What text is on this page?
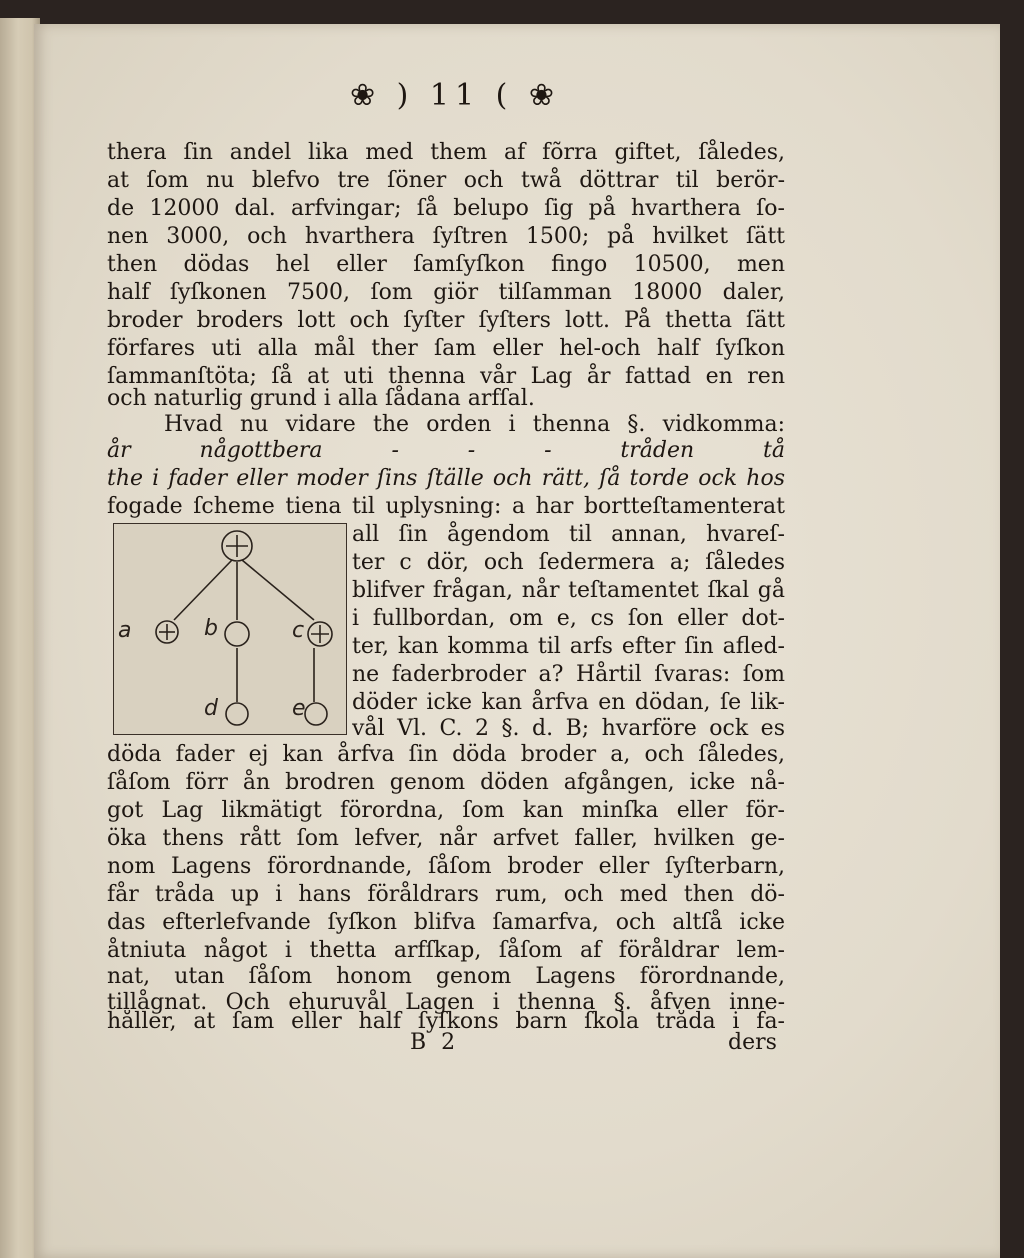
❀ ) 11 ( ❀
thera ſin andel lika med them af fõrra giftet, ſåledes,
at ſom nu blefvo tre ſöner och twå döttrar til berör-
de 12000 dal. arfvingar; ſå belupo ſig på hvarthera ſo-
nen 3000, och hvarthera ſyſtren 1500; på hvilket ſätt
then dödas hel eller ſamſyſkon fingo 10500, men
half ſyſkonen 7500, ſom giör tilſamman 18000 daler,
broder broders lott och ſyſter ſyſters lott. På thetta ſätt
förfares uti alla mål ther ſam eller hel-och half ſyſkon
ſammanſtöta; ſå at uti thenna vår Lag år fattad en ren
och naturlig grund i alla ſådana arfſal.
Hvad nu vidare the orden i thenna §. vidkomma:
år någottbera - - - tråden tå
the i fader eller moder ſins ſtälle och rätt, ſå torde ock hos
fogade ſcheme tiena til uplysning: a har bortteſtamenterat
a	b	c
d	e
all ſin ågendom til annan, hvareſ-
ter c dör, och ſedermera a; ſåledes
blifver frågan, når teſtamentet ſkal gå
i fullbordan, om e, cs ſon eller dot-
ter, kan komma til arfs efter ſin afled-
ne faderbroder a? Hårtil ſvaras: ſom
döder icke kan årfva en dödan, ſe lik-
vål Vl. C. 2 §. d. B; hvarföre ock es
döda fader ej kan årfva ſin döda broder a, och ſåledes,
ſåſom förr ån brodren genom döden afgången, icke nå-
got Lag likmätigt förordna, ſom kan minſka eller för-
öka thens rått ſom lefver, når arfvet faller, hvilken ge-
nom Lagens förordnande, ſåſom broder eller ſyſterbarn,
får tråda up i hans föråldrars rum, och med then dö-
das efterlefvande ſyſkon blifva ſamarfva, och altſå icke
åtniuta något i thetta arfſkap, ſåſom af föråldrar lem-
nat, utan ſåſom honom genom Lagens förordnande,
tillågnat. Och ehuruvål Lagen i thenna §. åfven inne-
håller, at ſam eller half ſyſkons barn ſkola tråda i fa-
B 2	ders
